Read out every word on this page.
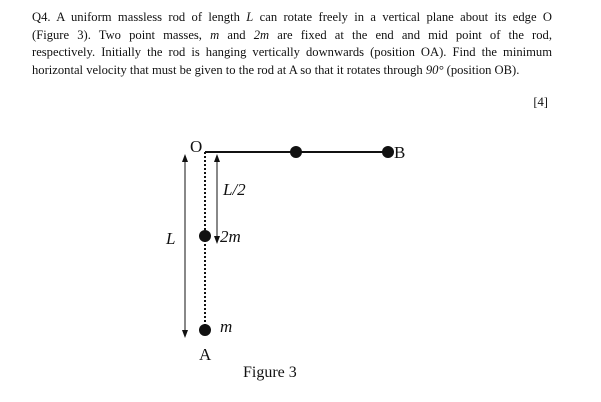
Q4. A uniform massless rod of length L can rotate freely in a vertical plane about its edge O
(Figure 3). Two point masses, m and 2m are fixed at the end and mid point of the rod,
respectively. Initially the rod is hanging vertically downwards (position OA). Find the minimum
horizontal velocity that must be given to the rod at A so that it rotates through 90° (position OB).
[4]
O	B
A
L
L/2
2m
m
Figure 3
